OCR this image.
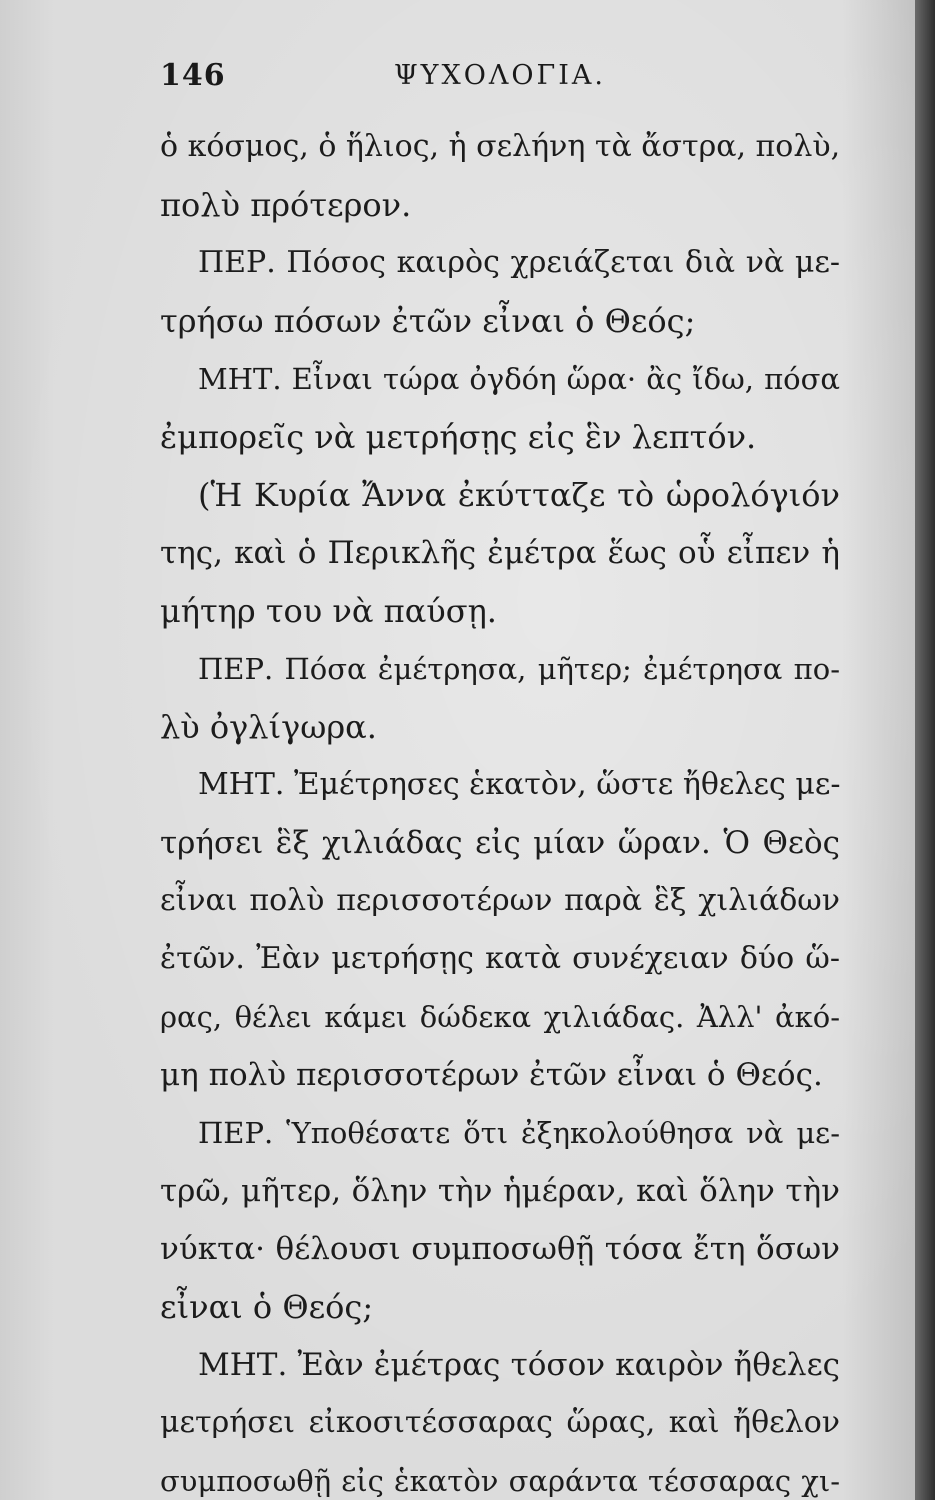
146	ΨΥΧΟΛΟΓΙΑ.
ὁ κόσμος, ὁ ἥλιος, ἡ σελήνη τὰ ἄστρα, πολὺ,
πολὺ πρότερον.
ΠΕΡ. Πόσος καιρὸς χρειάζεται διὰ νὰ με-
τρήσω πόσων ἐτῶν εἶναι ὁ Θεός;
ΜΗΤ. Εἶναι τώρα ὀγδόη ὥρα· ἂς ἴδω, πόσα
ἐμπορεῖς νὰ μετρήσῃς εἰς ἓν λεπτόν.
(Ἡ Κυρία Ἄννα ἐκύτταζε τὸ ὡρολόγιόν
της, καὶ ὁ Περικλῆς ἐμέτρα ἕως οὗ εἶπεν ἡ
μήτηρ του νὰ παύσῃ.
ΠΕΡ. Πόσα ἐμέτρησα, μῆτερ; ἐμέτρησα πο-
λὺ ὀγλίγωρα.
ΜΗΤ. Ἐμέτρησες ἑκατὸν, ὥστε ἤθελες με-
τρήσει ἓξ χιλιάδας εἰς μίαν ὥραν. Ὁ Θεὸς
εἶναι πολὺ περισσοτέρων παρὰ ἓξ χιλιάδων
ἐτῶν. Ἐὰν μετρήσῃς κατὰ συνέχειαν δύο ὥ-
ρας, θέλει κάμει δώδεκα χιλιάδας. Ἀλλ' ἀκό-
μη πολὺ περισσοτέρων ἐτῶν εἶναι ὁ Θεός.
ΠΕΡ. Ὑποθέσατε ὅτι ἐξηκολούθησα νὰ με-
τρῶ, μῆτερ, ὅλην τὴν ἡμέραν, καὶ ὅλην τὴν
νύκτα· θέλουσι συμποσωθῇ τόσα ἔτη ὅσων
εἶναι ὁ Θεός;
ΜΗΤ. Ἐὰν ἐμέτρας τόσον καιρὸν ἤθελες
μετρήσει εἰκοσιτέσσαρας ὥρας, καὶ ἤθελον
συμποσωθῇ εἰς ἑκατὸν σαράντα τέσσαρας χι-
